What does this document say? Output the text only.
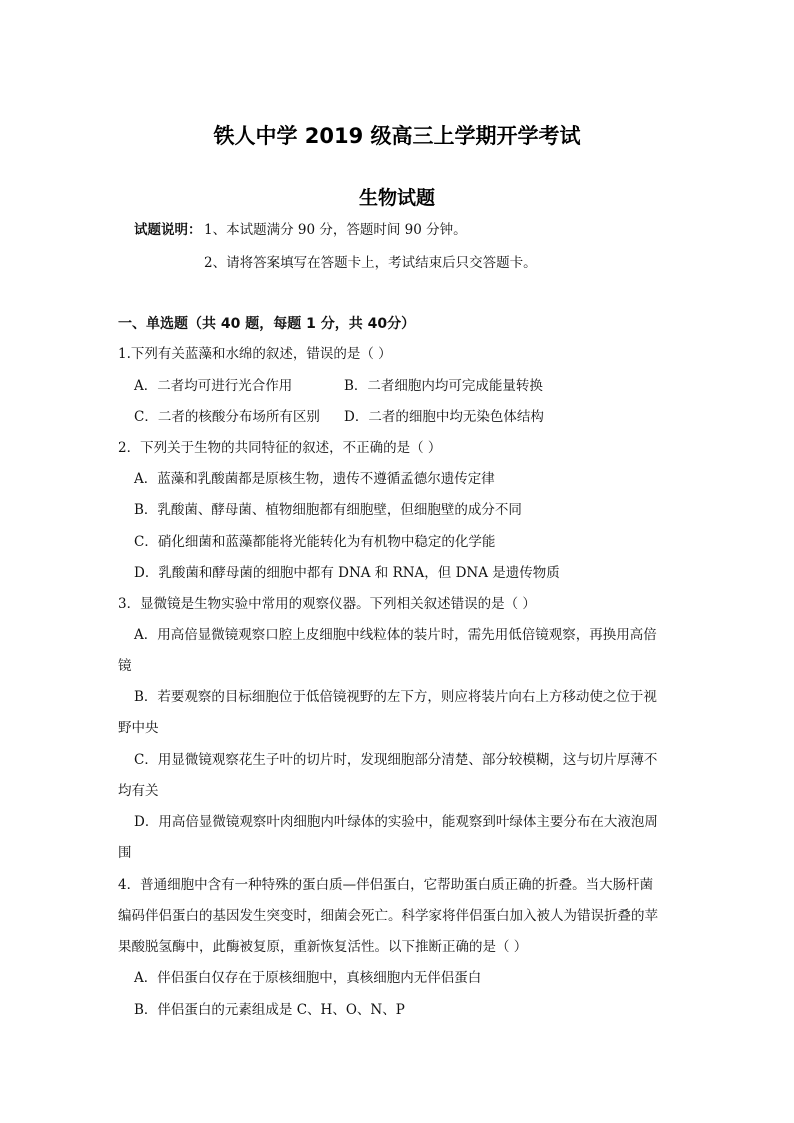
铁人中学 2019 级高三上学期开学考试
生物试题
试题说明： 1、本试题满分 90 分，答题时间 90 分钟。
2、请将答案填写在答题卡上，考试结束后只交答题卡。
一、单选题（共 40 题，每题 1 分，共 40分）
1.下列有关蓝藻和水绵的叙述，错误的是（ ）
A．二者均可进行光合作用	B．二者细胞内均可完成能量转换
C．二者的核酸分布场所有区别 D．二者的细胞中均无染色体结构
2．下列关于生物的共同特征的叙述，不正确的是（ ）
A．蓝藻和乳酸菌都是原核生物，遗传不遵循孟德尔遗传定律
B．乳酸菌、酵母菌、植物细胞都有细胞壁，但细胞壁的成分不同
C．硝化细菌和蓝藻都能将光能转化为有机物中稳定的化学能
D．乳酸菌和酵母菌的细胞中都有 DNA 和 RNA，但 DNA 是遗传物质
3．显微镜是生物实验中常用的观察仪器。下列相关叙述错误的是（ ）
A．用高倍显微镜观察口腔上皮细胞中线粒体的装片时，需先用低倍镜观察，再换用高倍
镜
B．若要观察的目标细胞位于低倍镜视野的左下方，则应将装片向右上方移动使之位于视
野中央
C．用显微镜观察花生子叶的切片时，发现细胞部分清楚、部分较模糊，这与切片厚薄不
均有关
D．用高倍显微镜观察叶肉细胞内叶绿体的实验中，能观察到叶绿体主要分布在大液泡周
围
4．普通细胞中含有一种特殊的蛋白质—伴侣蛋白，它帮助蛋白质正确的折叠。当大肠杆菌
编码伴侣蛋白的基因发生突变时，细菌会死亡。科学家将伴侣蛋白加入被人为错误折叠的苹
果酸脱氢酶中，此酶被复原，重新恢复活性。以下推断正确的是（ ）
A．伴侣蛋白仅存在于原核细胞中，真核细胞内无伴侣蛋白
B．伴侣蛋白的元素组成是 C、H、O、N、P
